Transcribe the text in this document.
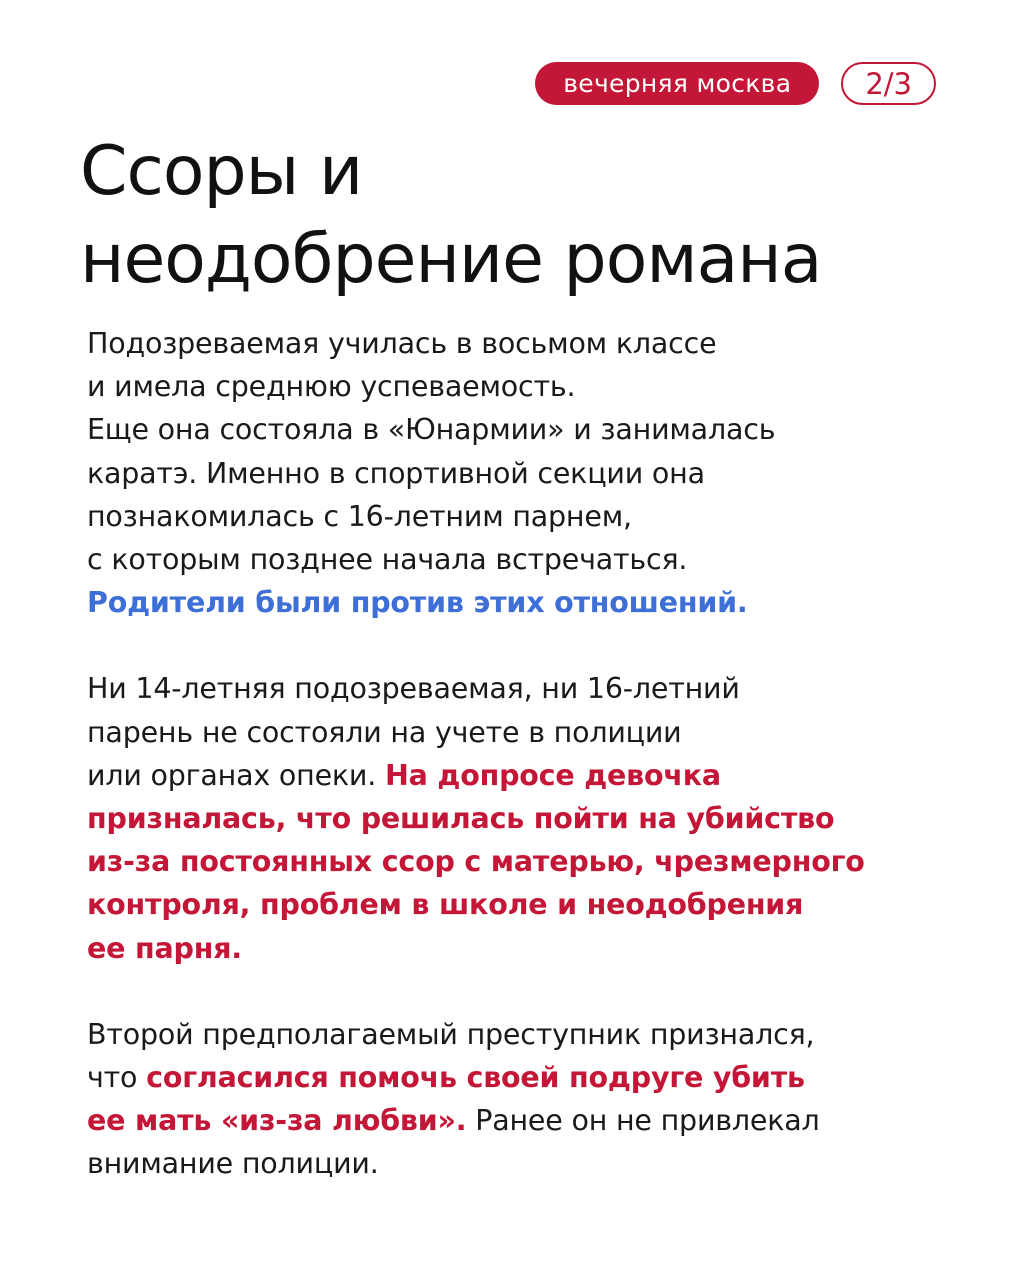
вечерняя москва	2/3
Ссоры и
неодобрение романа

Подозреваемая училась в восьмом классе
и имела среднюю успеваемость.
Еще она состояла в «Юнармии» и занималась
каратэ. Именно в спортивной секции она
познакомилась с 16-летним парнем,
с которым позднее начала встречаться.
Родители были против этих отношений.

Ни 14-летняя подозреваемая, ни 16-летний
парень не состояли на учете в полиции
или органах опеки. На допросе девочка
призналась, что решилась пойти на убийство
из-за постоянных ссор с матерью, чрезмерного
контроля, проблем в школе и неодобрения
ее парня.

Второй предполагаемый преступник признался,
что согласился помочь своей подруге убить
ее мать «из-за любви». Ранее он не привлекал
внимание полиции.
